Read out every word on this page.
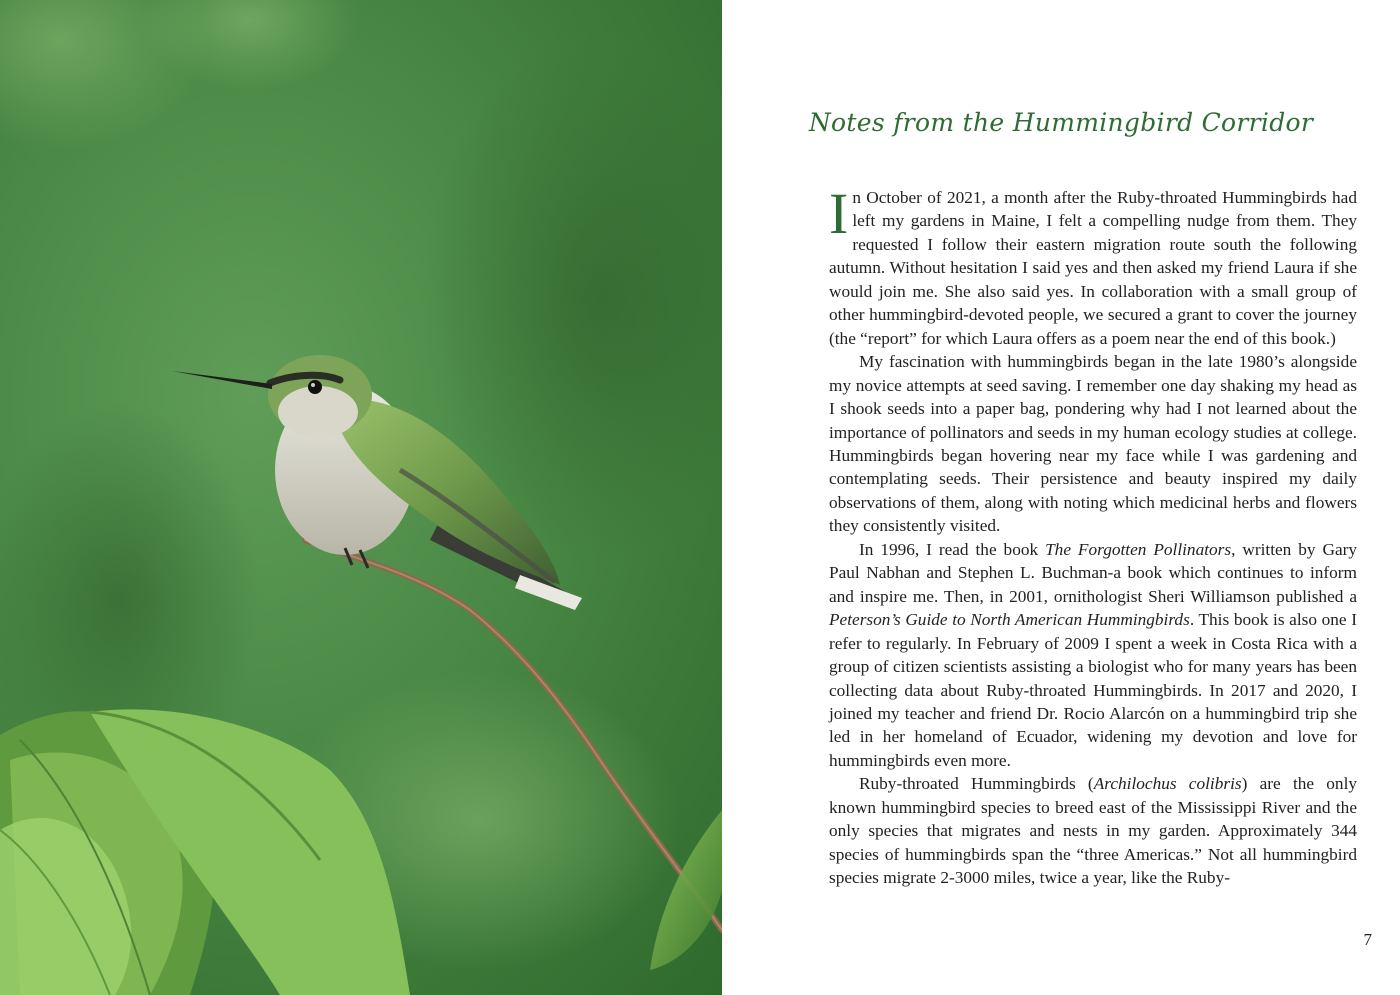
Notes from the Hummingbird Corridor

In October of 2021, a month after the Ruby-throated Hummingbirds had left my gardens in Maine, I felt a compelling nudge from them. They requested I follow their eastern migration route south the following autumn. Without hesitation I said yes and then asked my friend Laura if she would join me. She also said yes. In collaboration with a small group of other hummingbird-devoted people, we secured a grant to cover the journey (the “report” for which Laura offers as a poem near the end of this book.)

My fascination with hummingbirds began in the late 1980’s alongside my novice attempts at seed saving. I remember one day shaking my head as I shook seeds into a paper bag, pondering why had I not learned about the importance of pollinators and seeds in my human ecology studies at college. Hummingbirds began hovering near my face while I was gardening and contemplating seeds. Their persistence and beauty inspired my daily observations of them, along with noting which medicinal herbs and flowers they consistently visited.

In 1996, I read the book The Forgotten Pollinators, written by Gary Paul Nabhan and Stephen L. Buchman-a book which continues to inform and inspire me. Then, in 2001, ornithologist Sheri Williamson published a Peterson’s Guide to North American Hummingbirds. This book is also one I refer to regularly. In February of 2009 I spent a week in Costa Rica with a group of citizen scientists assisting a biologist who for many years has been collecting data about Ruby-throated Hummingbirds. In 2017 and 2020, I joined my teacher and friend Dr. Rocio Alarcón on a hummingbird trip she led in her homeland of Ecuador, widening my devotion and love for hummingbirds even more.

Ruby-throated Hummingbirds (Archilochus colibris) are the only known hummingbird species to breed east of the Mississippi River and the only species that migrates and nests in my garden. Approximately 344 species of hummingbirds span the “three Americas.” Not all hummingbird species migrate 2-3000 miles, twice a year, like the Ruby-

7
